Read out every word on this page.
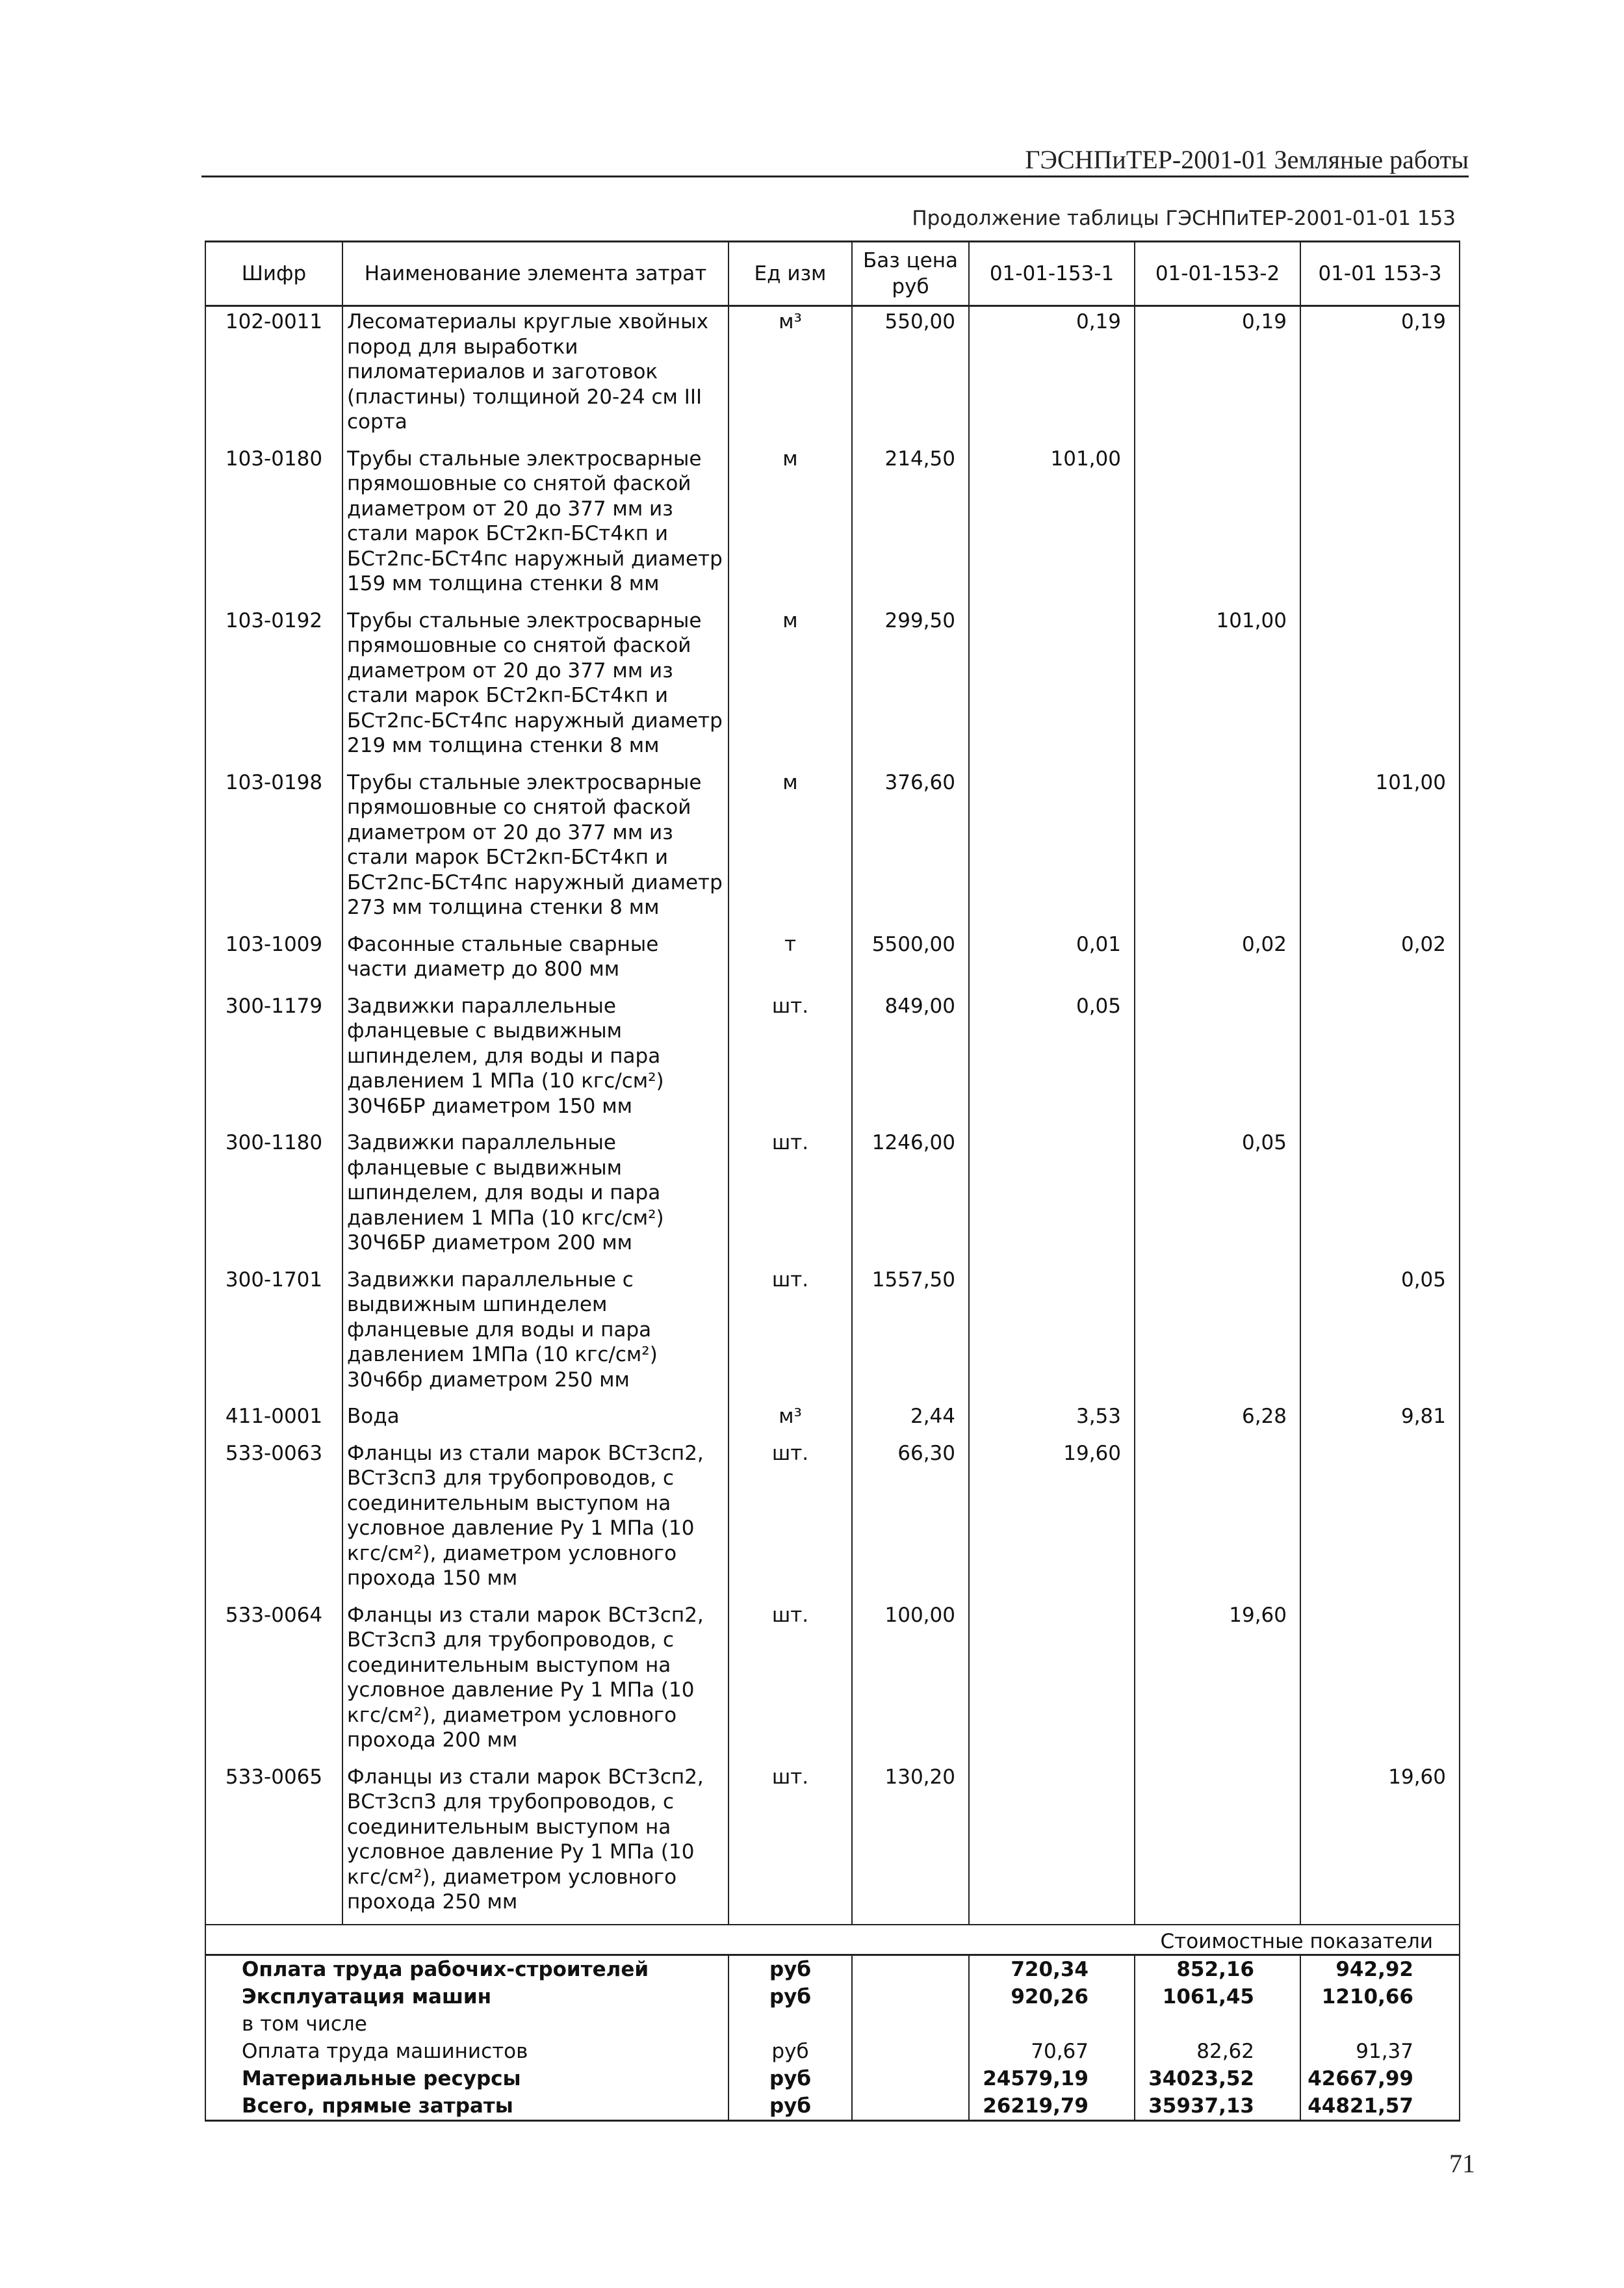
ГЭСНПиТЕР-2001-01 Земляные работы
Продолжение таблицы ГЭСНПиТЕР-2001-01-01 153
Шифр	Наименование элемента затрат	Ед изм	Баз цена руб	01-01-153-1	01-01-153-2	01-01 153-3
102-0011	Лесоматериалы круглые хвойных пород для выработки пиломатериалов и заготовок (пластины) толщиной 20-24 см III сорта	м³	550,00	0,19	0,19	0,19
103-0180	Трубы стальные электросварные прямошовные со снятой фаской диаметром от 20 до 377 мм из стали марок БСт2кп-БСт4кп и БСт2пс-БСт4пс наружный диаметр 159 мм толщина стенки 8 мм	м	214,50	101,00		
103-0192	Трубы стальные электросварные прямошовные со снятой фаской диаметром от 20 до 377 мм из стали марок БСт2кп-БСт4кп и БСт2пс-БСт4пс наружный диаметр 219 мм толщина стенки 8 мм	м	299,50		101,00	
103-0198	Трубы стальные электросварные прямошовные со снятой фаской диаметром от 20 до 377 мм из стали марок БСт2кп-БСт4кп и БСт2пс-БСт4пс наружный диаметр 273 мм толщина стенки 8 мм	м	376,60			101,00
103-1009	Фасонные стальные сварные части диаметр до 800 мм	т	5500,00	0,01	0,02	0,02
300-1179	Задвижки параллельные фланцевые с выдвижным шпинделем, для воды и пара давлением 1 МПа (10 кгс/см²) 30Ч6БР диаметром 150 мм	шт.	849,00	0,05		
300-1180	Задвижки параллельные фланцевые с выдвижным шпинделем, для воды и пара давлением 1 МПа (10 кгс/см²) 30Ч6БР диаметром 200 мм	шт.	1246,00		0,05	
300-1701	Задвижки параллельные с выдвижным шпинделем фланцевые для воды и пара давлением 1МПа (10 кгс/см²) 30ч6бр диаметром 250 мм	шт.	1557,50			0,05
411-0001	Вода	м³	2,44	3,53	6,28	9,81
533-0063	Фланцы из стали марок ВСт3сп2, ВСт3сп3 для трубопроводов, с соединительным выступом на условное давление Ру 1 МПа (10 кгс/см²), диаметром условного прохода 150 мм	шт.	66,30	19,60		
533-0064	Фланцы из стали марок ВСт3сп2, ВСт3сп3 для трубопроводов, с соединительным выступом на условное давление Ру 1 МПа (10 кгс/см²), диаметром условного прохода 200 мм	шт.	100,00		19,60	
533-0065	Фланцы из стали марок ВСт3сп2, ВСт3сп3 для трубопроводов, с соединительным выступом на условное давление Ру 1 МПа (10 кгс/см²), диаметром условного прохода 250 мм	шт.	130,20			19,60
Стоимостные показатели						
Оплата труда рабочих-строителей		руб		720,34	852,16	942,92
Эксплуатация машин		руб		920,26	1061,45	1210,66
в том числе						
Оплата труда машинистов		руб		70,67	82,62	91,37
Материальные ресурсы		руб		24579,19	34023,52	42667,99
Всего, прямые затраты		руб		26219,79	35937,13	44821,57
71
